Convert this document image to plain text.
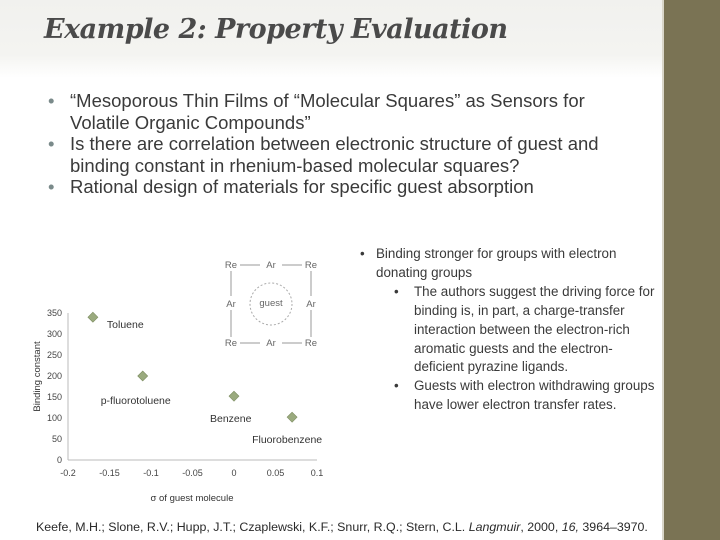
Example 2: Property Evaluation
• “Mesoporous Thin Films of “Molecular Squares” as Sensors for Volatile Organic Compounds”
• Is there are correlation between electronic structure of guest and binding constant in rhenium-based molecular squares?
• Rational design of materials for specific guest absorption
Re	Ar	Re
Ar guest Ar
Re	Ar	Re
0
50
100
150
200
250
300
350
-0.2	-0.15	-0.1	-0.05	0	0.05	0.1
Toluene
p-fluorotoluene
Benzene
Fluorobenzene
Binding constant
σ of guest molecule
• Binding stronger for groups with electron donating groups
• The authors suggest the driving force for binding is, in part, a charge-transfer interaction between the electron-rich aromatic guests and the electron- deficient pyrazine ligands.
• Guests with electron withdrawing groups have lower electron transfer rates.
Keefe, M.H.; Slone, R.V.; Hupp, J.T.; Czaplewski, K.F.; Snurr, R.Q.; Stern, C.L. Langmuir, 2000, 16, 3964–3970.
